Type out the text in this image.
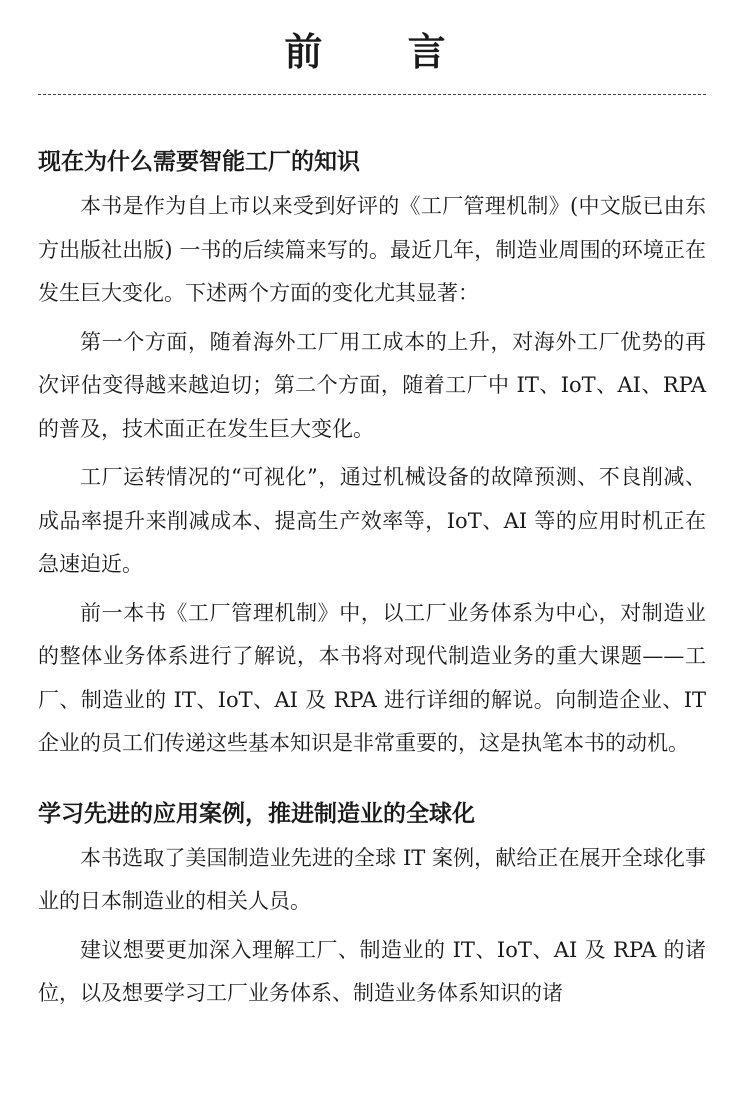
前 言
现在为什么需要智能工厂的知识

本书是作为自上市以来受到好评的《工厂管理机制》(中文版已由东方出版社出版) 一书的后续篇来写的。最近几年，制造业周围的环境正在发生巨大变化。下述两个方面的变化尤其显著：

第一个方面，随着海外工厂用工成本的上升，对海外工厂优势的再次评估变得越来越迫切；第二个方面，随着工厂中 IT、IoT、AI、RPA 的普及，技术面正在发生巨大变化。

工厂运转情况的“可视化”，通过机械设备的故障预测、不良削减、成品率提升来削减成本、提高生产效率等，IoT、AI 等的应用时机正在急速迫近。

前一本书《工厂管理机制》中，以工厂业务体系为中心，对制造业的整体业务体系进行了解说，本书将对现代制造业务的重大课题——工厂、制造业的 IT、IoT、AI 及 RPA 进行详细的解说。向制造企业、IT 企业的员工们传递这些基本知识是非常重要的，这是执笔本书的动机。

学习先进的应用案例，推进制造业的全球化

本书选取了美国制造业先进的全球 IT 案例，献给正在展开全球化事业的日本制造业的相关人员。

建议想要更加深入理解工厂、制造业的 IT、IoT、AI 及 RPA 的诸位，以及想要学习工厂业务体系、制造业务体系知识的诸
